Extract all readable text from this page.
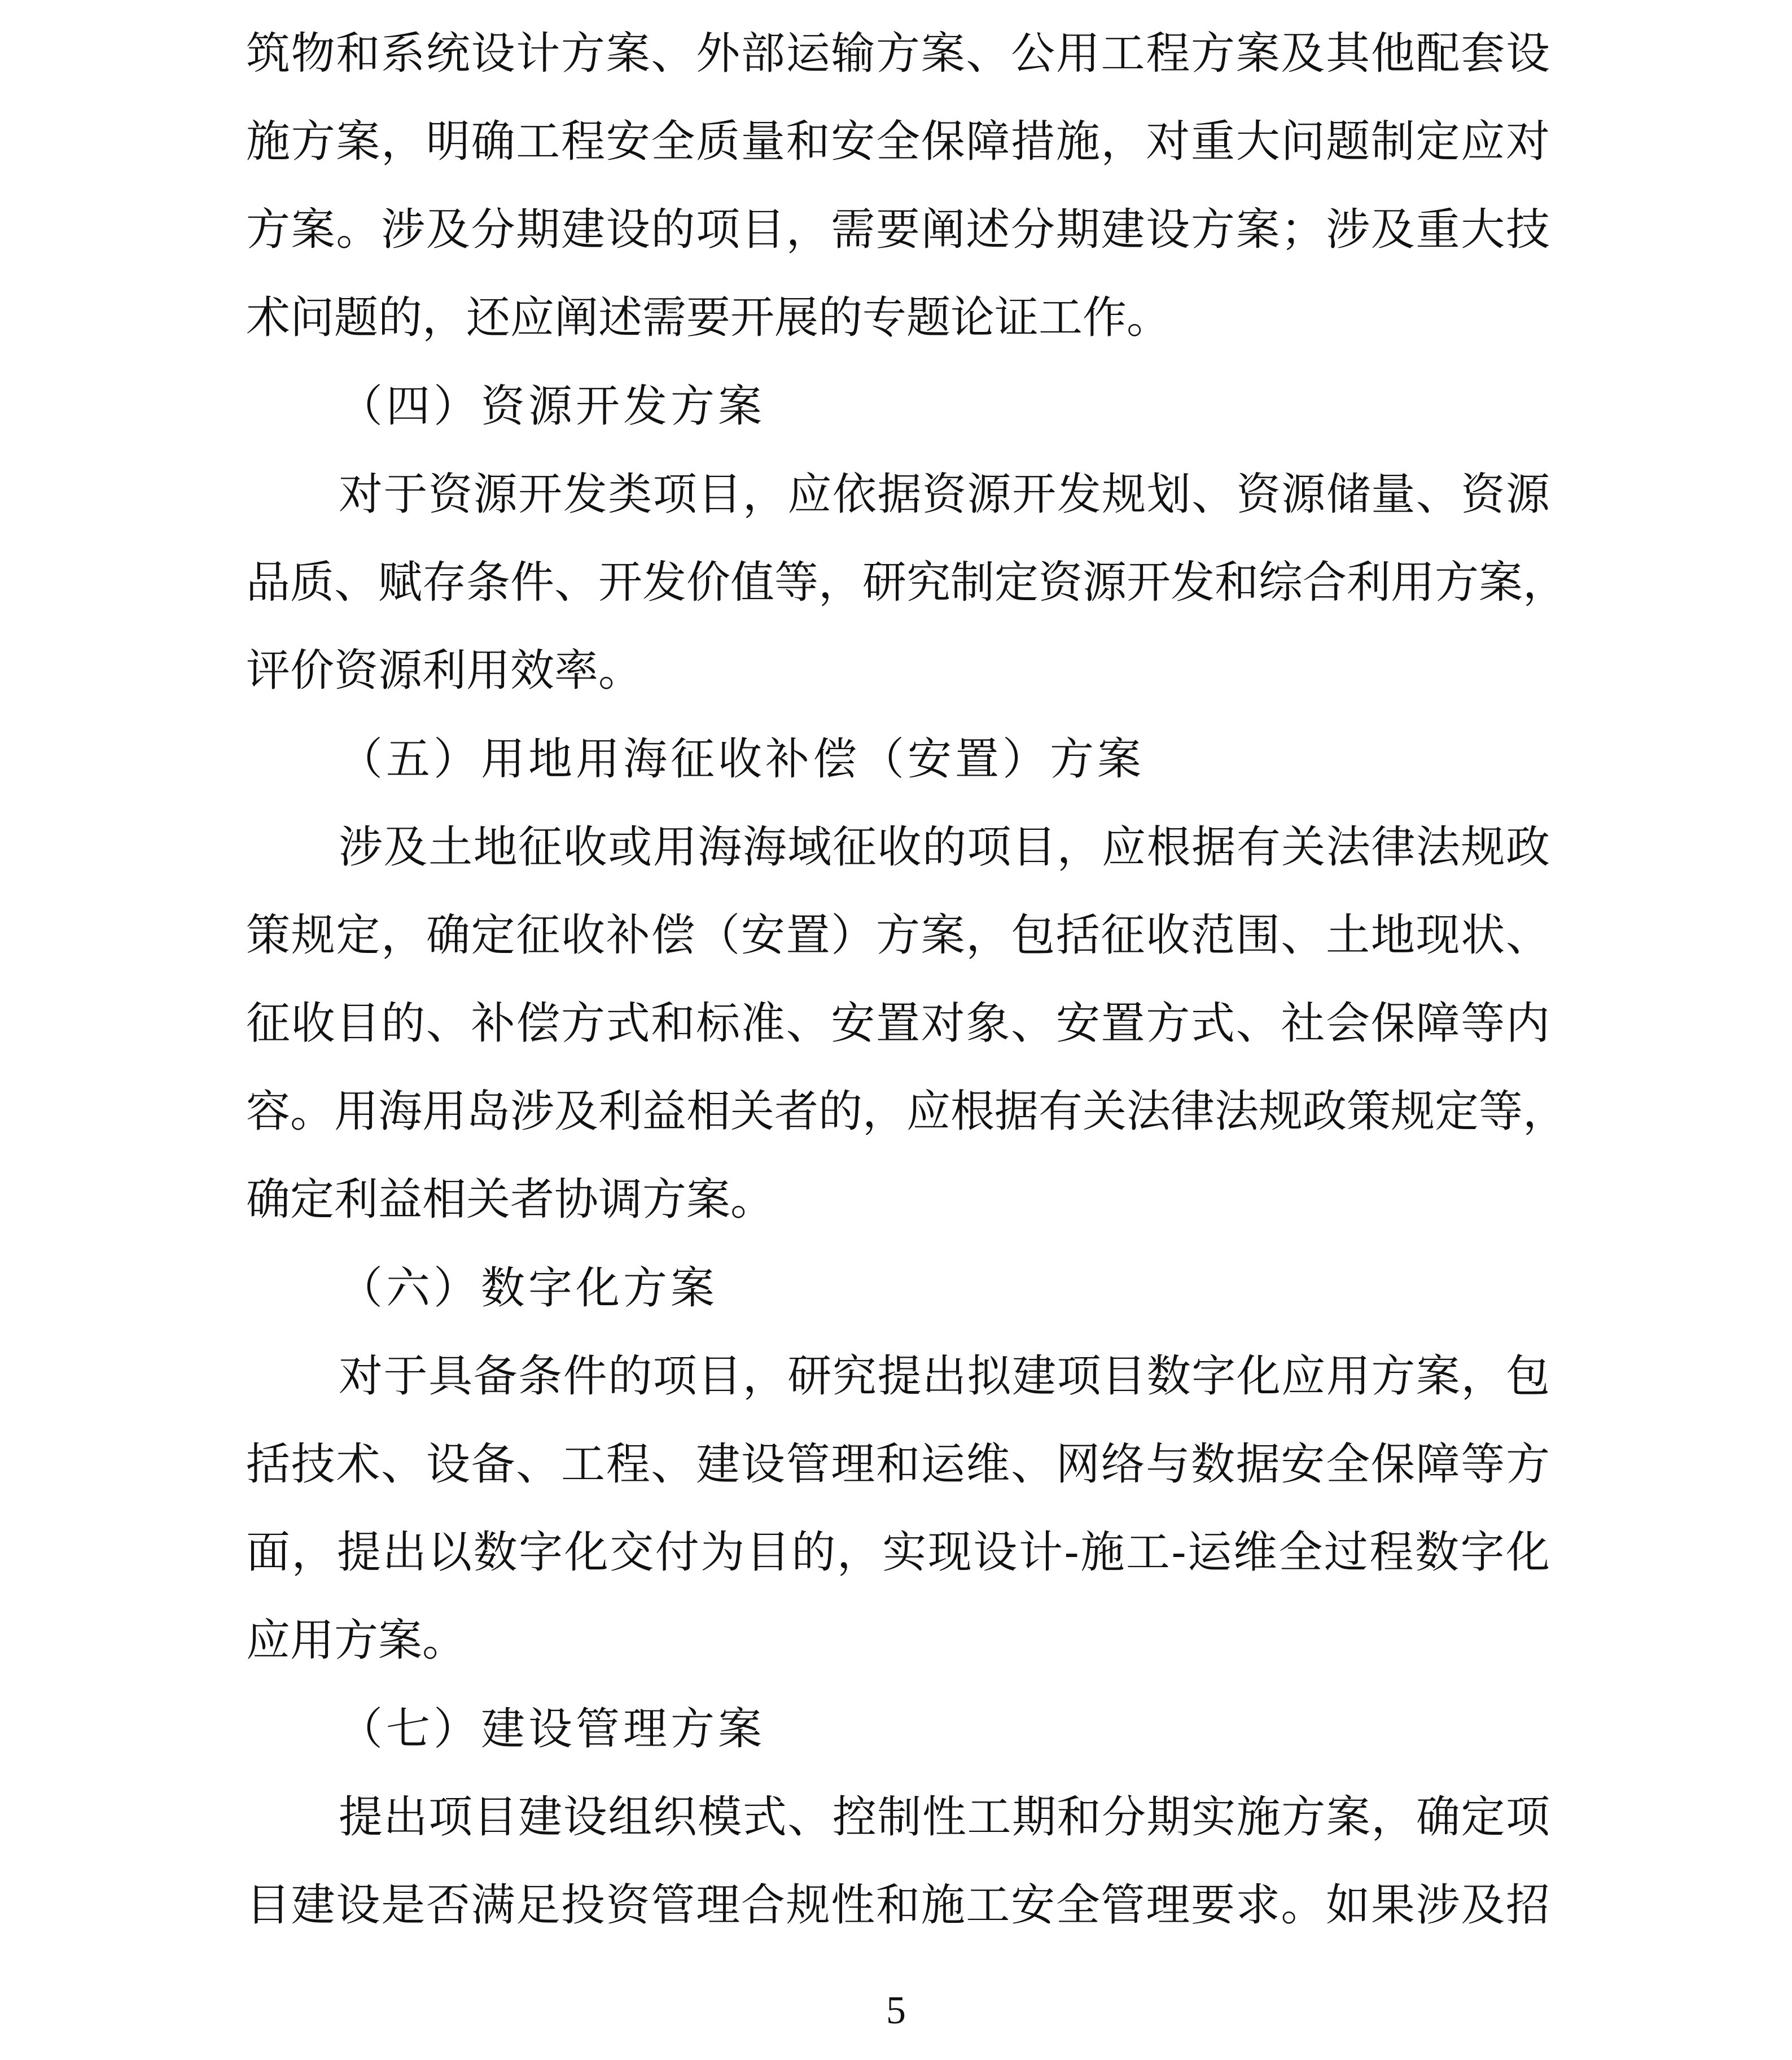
筑物和系统设计方案、外部运输方案、公用工程方案及其他配套设
施方案，明确工程安全质量和安全保障措施，对重大问题制定应对
方案。涉及分期建设的项目，需要阐述分期建设方案；涉及重大技
术问题的，还应阐述需要开展的专题论证工作。
（四）资源开发方案
对于资源开发类项目，应依据资源开发规划、资源储量、资源
品质、赋存条件、开发价值等，研究制定资源开发和综合利用方案，
评价资源利用效率。
（五）用地用海征收补偿（安置）方案
涉及土地征收或用海海域征收的项目，应根据有关法律法规政
策规定，确定征收补偿（安置）方案，包括征收范围、土地现状、
征收目的、补偿方式和标准、安置对象、安置方式、社会保障等内
容。用海用岛涉及利益相关者的，应根据有关法律法规政策规定等，
确定利益相关者协调方案。
（六）数字化方案
对于具备条件的项目，研究提出拟建项目数字化应用方案，包
括技术、设备、工程、建设管理和运维、网络与数据安全保障等方
面，提出以数字化交付为目的，实现设计-施工-运维全过程数字化
应用方案。
（七）建设管理方案
提出项目建设组织模式、控制性工期和分期实施方案，确定项
目建设是否满足投资管理合规性和施工安全管理要求。如果涉及招
5
